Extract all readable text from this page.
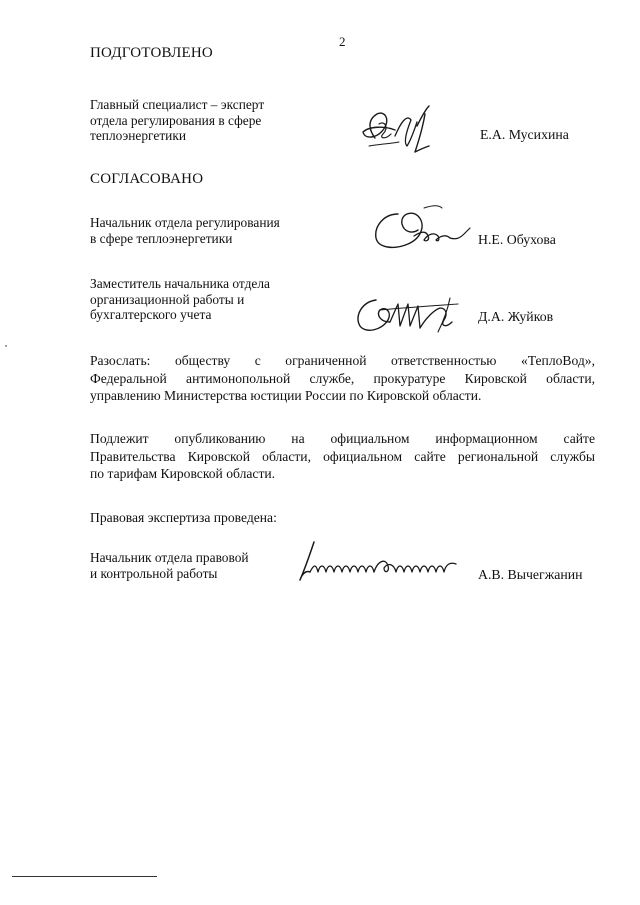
2
ПОДГОТОВЛЕНО
Главный специалист – эксперт
отдела регулирования в сфере
теплоэнергетики	Е.А. Мусихина
СОГЛАСОВАНО
Начальник отдела регулирования
в сфере теплоэнергетики	Н.Е. Обухова
Заместитель начальника отдела
организационной работы и
бухгалтерского учета	Д.А. Жуйков
Разослать: обществу с ограниченной ответственностью «ТеплоВод»,
Федеральной антимонопольной службе, прокуратуре Кировской области,
управлению Министерства юстиции России по Кировской области.
Подлежит опубликованию на официальном информационном сайте
Правительства Кировской области, официальном сайте региональной службы
по тарифам Кировской области.
Правовая экспертиза проведена:
Начальник отдела правовой
и контрольной работы	А.В. Вычегжанин
